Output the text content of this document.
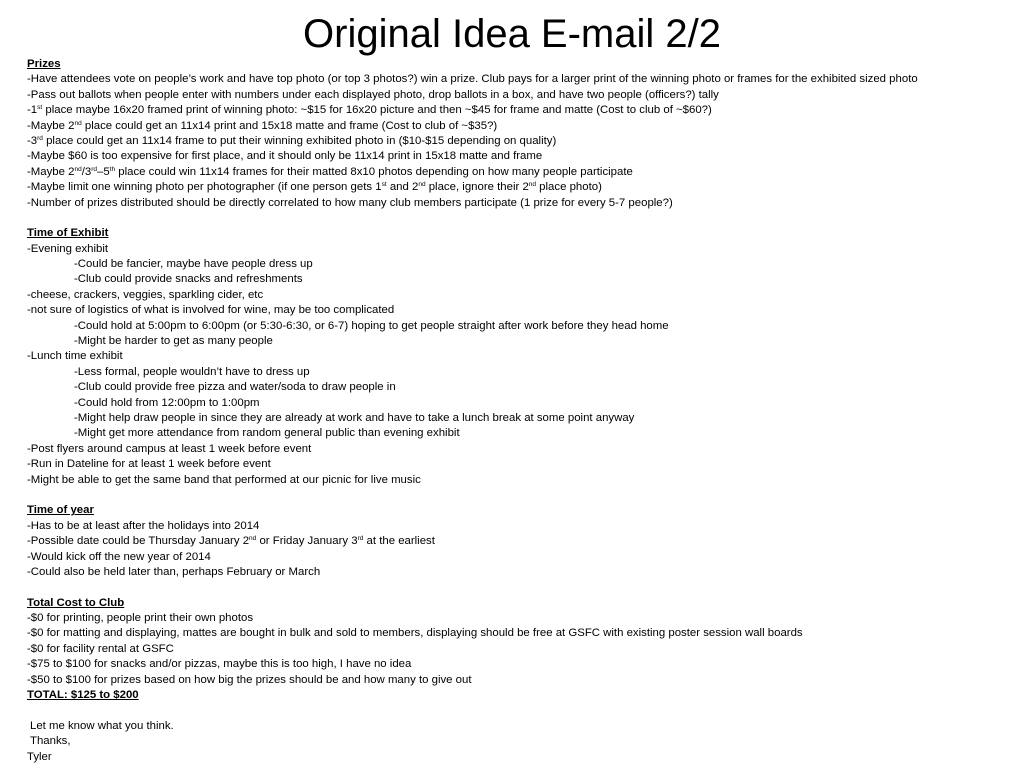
Original Idea E-mail 2/2
Prizes
-Have attendees vote on people’s work and have top photo (or top 3 photos?) win a prize. Club pays for a larger print of the winning photo or frames for the exhibited sized photo
-Pass out ballots when people enter with numbers under each displayed photo, drop ballots in a box, and have two people (officers?) tally
-1st place maybe 16x20 framed print of winning photo: ~$15 for 16x20 picture and then ~$45 for frame and matte (Cost to club of ~$60?)
-Maybe 2nd place could get an 11x14 print and 15x18 matte and frame (Cost to club of ~$35?)
-3rd place could get an 11x14 frame to put their winning exhibited photo in ($10-$15 depending on quality)
-Maybe $60 is too expensive for first place, and it should only be 11x14 print in 15x18 matte and frame
-Maybe 2nd/3rd–5th place could win 11x14 frames for their matted 8x10 photos depending on how many people participate
-Maybe limit one winning photo per photographer (if one person gets 1st and 2nd place, ignore their 2nd place photo)
-Number of prizes distributed should be directly correlated to how many club members participate (1 prize for every 5-7 people?)
Time of Exhibit
-Evening exhibit
-Could be fancier, maybe have people dress up
-Club could provide snacks and refreshments
-cheese, crackers, veggies, sparkling cider, etc
-not sure of logistics of what is involved for wine, may be too complicated
-Could hold at 5:00pm to 6:00pm (or 5:30-6:30, or 6-7) hoping to get people straight after work before they head home
-Might be harder to get as many people
-Lunch time exhibit
-Less formal, people wouldn’t have to dress up
-Club could provide free pizza and water/soda to draw people in
-Could hold from 12:00pm to 1:00pm
-Might help draw people in since they are already at work and have to take a lunch break at some point anyway
-Might get more attendance from random general public than evening exhibit
-Post flyers around campus at least 1 week before event
-Run in Dateline for at least 1 week before event
-Might be able to get the same band that performed at our picnic for live music
Time of year
-Has to be at least after the holidays into 2014
-Possible date could be Thursday January 2nd or Friday January 3rd at the earliest
-Would kick off the new year of 2014
-Could also be held later than, perhaps February or March
Total Cost to Club
-$0 for printing, people print their own photos
-$0 for matting and displaying, mattes are bought in bulk and sold to members, displaying should be free at GSFC with existing poster session wall boards
-$0 for facility rental at GSFC
-$75 to $100 for snacks and/or pizzas, maybe this is too high, I have no idea
-$50 to $100 for prizes based on how big the prizes should be and how many to give out
TOTAL: $125 to $200
Let me know what you think.
Thanks,
Tyler
